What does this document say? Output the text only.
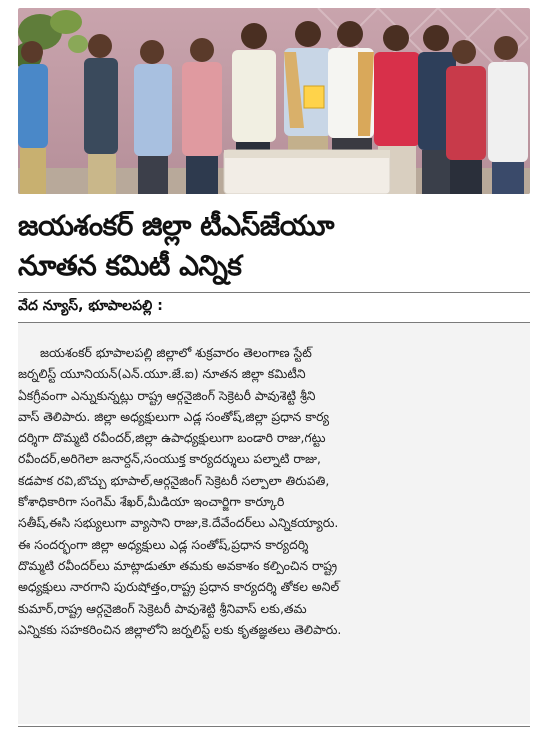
జయశంకర్ జిల్లా టీఎస్‌జేయూ
నూతన కమిటీ ఎన్నిక
వేద న్యూస్, భూపాలపల్లి :
జయశంకర్ భూపాలపల్లి జిల్లాలో శుక్రవారం తెలంగాణ స్టేట్
జర్నలిస్ట్ యూనియన్(ఎన్.యూ.జే.ఐ) నూతన జిల్లా కమిటీని
ఏకగ్రీవంగా ఎన్నుకున్నట్లు రాష్ట్ర ఆర్గనైజింగ్ సెక్రెటరీ పావుశెట్టి శ్రీని
వాస్ తెలిపారు. జిల్లా అధ్యక్షులుగా ఎడ్ల సంతోష్,జిల్లా ప్రధాన కార్య
దర్శిగా దొమ్మటి రవీందర్,జిల్లా ఉపాధ్యక్షులుగా బండారి రాజు,గట్టు
రవీందర్,అరిగెలా జనార్దన్,సంయుక్త కార్యదర్శులు పల్నాటి రాజు,
కడపాక రవి,బొచ్చు భూపాల్,ఆర్గనైజింగ్ సెక్రెటరీ సల్పాలా తిరుపతి,
కోశాధికారిగా సంగెమ్ శేఖర్,మీడియా ఇంచార్జిగా కార్కూరి
సతీష్,ఈసి సభ్యులుగా వ్యాసాని రాజు,కె.దేవేందర్‌లు ఎన్నికయ్యారు.
ఈ సందర్భంగా జిల్లా అధ్యక్షులు ఎడ్ల సంతోష్,ప్రధాన కార్యదర్శి
దొమ్మటి రవీందర్‌లు మాట్లాడుతూ తమకు అవకాశం కల్పించిన రాష్ట్ర
అధ్యక్షులు నారగాని పురుషోత్తం,రాష్ట్ర ప్రధాన కార్యదర్శి తోకల అనిల్
కుమార్,రాష్ట్ర ఆర్గనైజింగ్ సెక్రెటరీ పావుశెట్టి శ్రీనివాస్ లకు,తమ
ఎన్నికకు సహకరించిన జిల్లాలోని జర్నలిస్ట్ లకు కృతజ్ఞతలు తెలిపారు.
